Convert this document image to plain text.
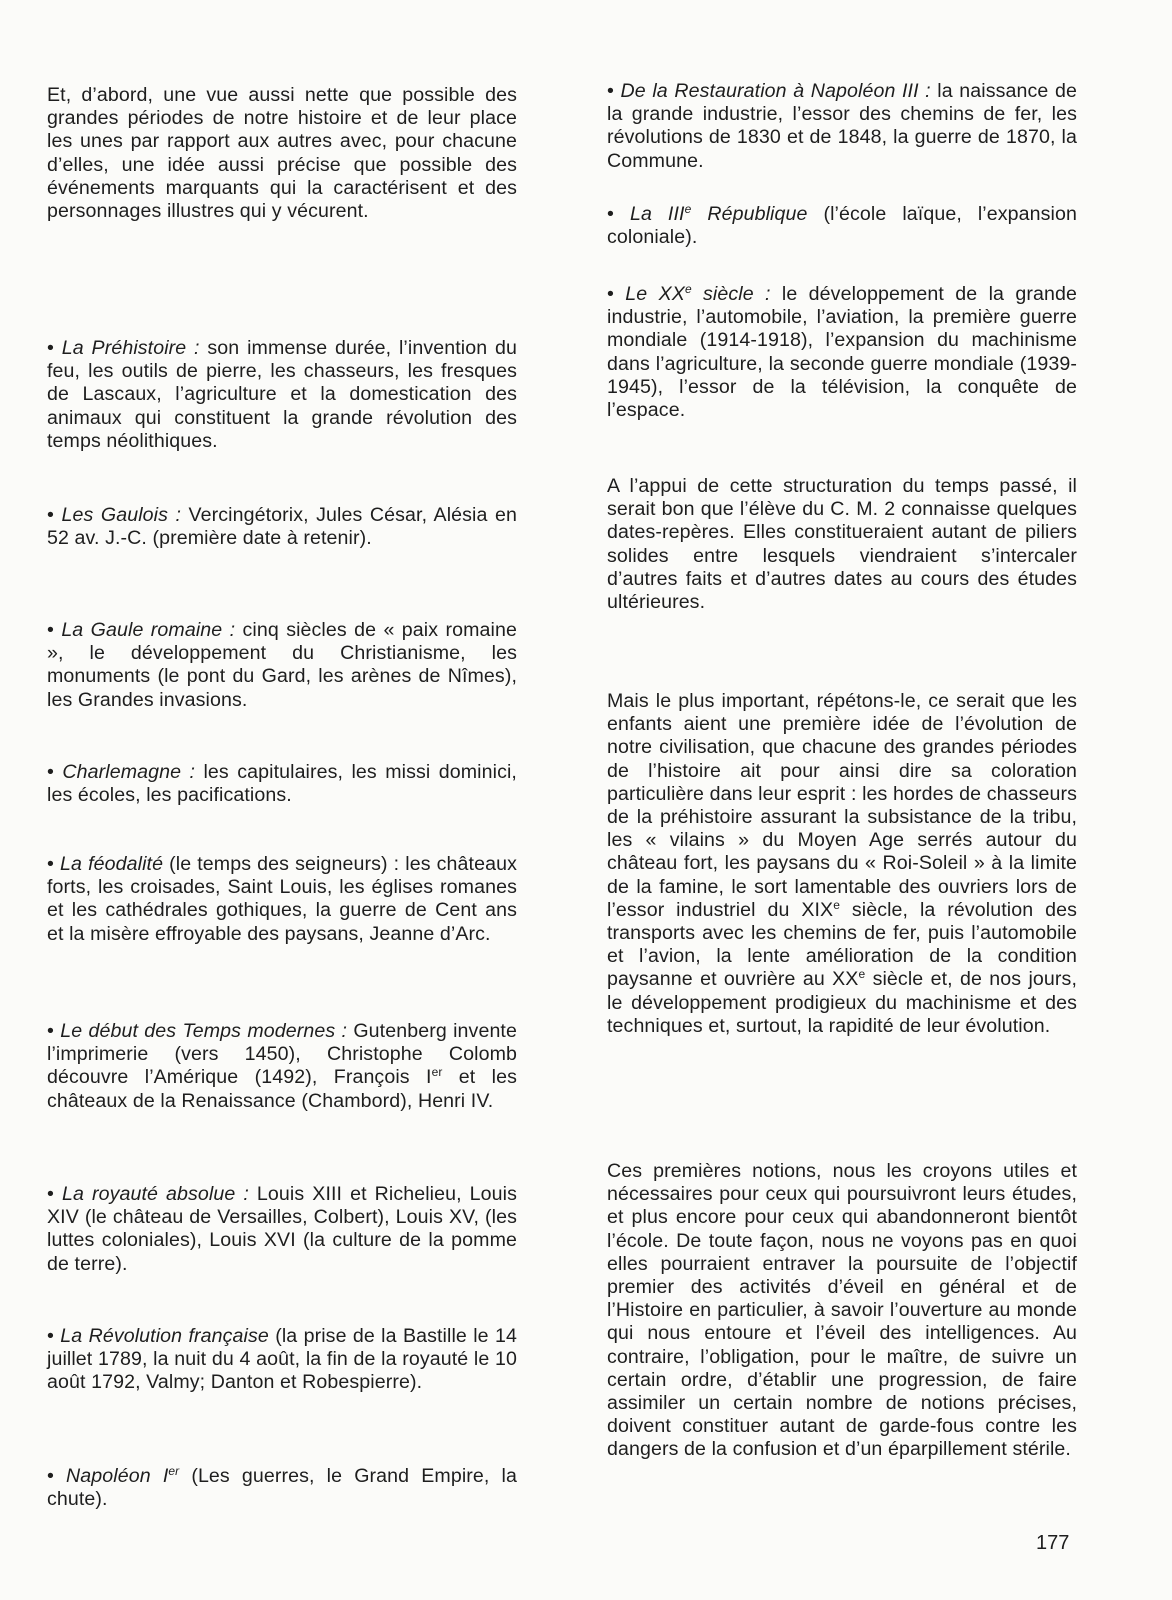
Et, d’abord, une vue aussi nette que possible des grandes périodes de notre histoire et de leur place les unes par rapport aux autres avec, pour chacune d’elles, une idée aussi précise que possible des événements marquants qui la caractérisent et des personnages illustres qui y vécurent.

• La Préhistoire : son immense durée, l’invention du feu, les outils de pierre, les chasseurs, les fresques de Lascaux, l’agriculture et la domestication des animaux qui constituent la grande révolution des temps néolithiques.

• Les Gaulois : Vercingétorix, Jules César, Alésia en 52 av. J.-C. (première date à retenir).

• La Gaule romaine : cinq siècles de « paix romaine », le développement du Christianisme, les monuments (le pont du Gard, les arènes de Nîmes), les Grandes invasions.

• Charlemagne : les capitulaires, les missi dominici, les écoles, les pacifications.

• La féodalité (le temps des seigneurs) : les châteaux forts, les croisades, Saint Louis, les églises romanes et les cathédrales gothiques, la guerre de Cent ans et la misère effroyable des paysans, Jeanne d’Arc.

• Le début des Temps modernes : Gutenberg invente l’imprimerie (vers 1450), Christophe Colomb découvre l’Amérique (1492), François Ier et les châteaux de la Renaissance (Chambord), Henri IV.

• La royauté absolue : Louis XIII et Richelieu, Louis XIV (le château de Versailles, Colbert), Louis XV, (les luttes coloniales), Louis XVI (la culture de la pomme de terre).

• La Révolution française (la prise de la Bastille le 14 juillet 1789, la nuit du 4 août, la fin de la royauté le 10 août 1792, Valmy; Danton et Robespierre).

• Napoléon Ier (Les guerres, le Grand Empire, la chute).

• De la Restauration à Napoléon III : la naissance de la grande industrie, l’essor des chemins de fer, les révolutions de 1830 et de 1848, la guerre de 1870, la Commune.

• La IIIe République (l’école laïque, l’expansion coloniale).

• Le XXe siècle : le développement de la grande industrie, l’automobile, l’aviation, la première guerre mondiale (1914-1918), l’expansion du machinisme dans l’agriculture, la seconde guerre mondiale (1939-1945), l’essor de la télévision, la conquête de l’espace.

A l’appui de cette structuration du temps passé, il serait bon que l’élève du C. M. 2 connaisse quelques dates-repères. Elles constitueraient autant de piliers solides entre lesquels viendraient s’intercaler d’autres faits et d’autres dates au cours des études ultérieures.

Mais le plus important, répétons-le, ce serait que les enfants aient une première idée de l’évolution de notre civilisation, que chacune des grandes périodes de l’histoire ait pour ainsi dire sa coloration particulière dans leur esprit : les hordes de chasseurs de la préhistoire assurant la subsistance de la tribu, les « vilains » du Moyen Age serrés autour du château fort, les paysans du « Roi-Soleil » à la limite de la famine, le sort lamentable des ouvriers lors de l’essor industriel du XIXe siècle, la révolution des transports avec les chemins de fer, puis l’automobile et l’avion, la lente amélioration de la condition paysanne et ouvrière au XXe siècle et, de nos jours, le développement prodigieux du machinisme et des techniques et, surtout, la rapidité de leur évolution.

Ces premières notions, nous les croyons utiles et nécessaires pour ceux qui poursuivront leurs études, et plus encore pour ceux qui abandonneront bientôt l’école. De toute façon, nous ne voyons pas en quoi elles pourraient entraver la poursuite de l’objectif premier des activités d’éveil en général et de l’Histoire en particulier, à savoir l’ouverture au monde qui nous entoure et l’éveil des intelligences. Au contraire, l’obligation, pour le maître, de suivre un certain ordre, d’établir une progression, de faire assimiler un certain nombre de notions précises, doivent constituer autant de garde-fous contre les dangers de la confusion et d’un éparpillement stérile.

177
